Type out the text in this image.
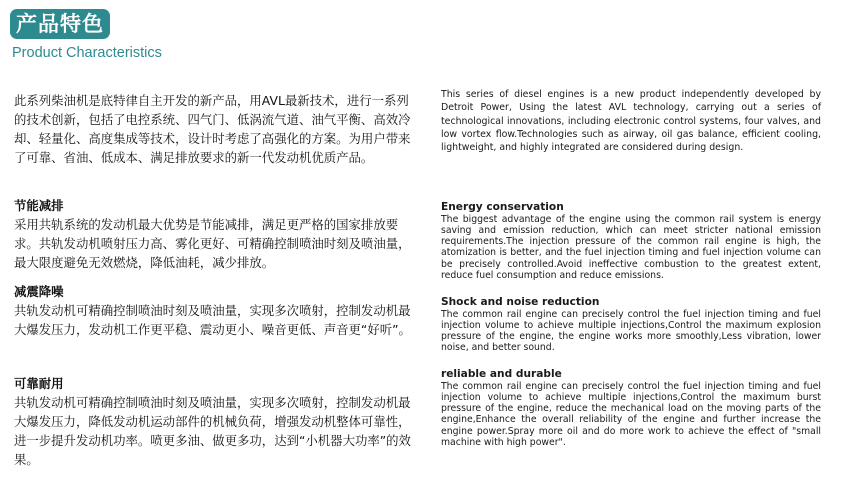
产品特色
Product Characteristics

此系列柴油机是底特律自主开发的新产品，用AVL最新技术，进行一系列的技术创新，包括了电控系统、四气门、低涡流气道、油气平衡、高效冷却、轻量化、高度集成等技术，设计时考虑了高强化的方案。为用户带来了可靠、省油、低成本、满足排放要求的新一代发动机优质产品。

节能减排

采用共轨系统的发动机最大优势是节能减排，满足更严格的国家排放要求。共轨发动机喷射压力高、雾化更好、可精确控制喷油时刻及喷油量，最大限度避免无效燃烧，降低油耗，减少排放。

减震降噪

共轨发动机可精确控制喷油时刻及喷油量，实现多次喷射，控制发动机最大爆发压力，发动机工作更平稳、震动更小、噪音更低、声音更“好听”。

可靠耐用

共轨发动机可精确控制喷油时刻及喷油量，实现多次喷射，控制发动机最大爆发压力，降低发动机运动部件的机械负荷，增强发动机整体可靠性，进一步提升发动机功率。喷更多油、做更多功，达到“小机器大功率”的效果。

This series of diesel engines is a new product independently developed by Detroit Power, Using the latest AVL technology, carrying out a series of technological innovations, including electronic control systems, four valves, and low vortex flow.Technologies such as airway, oil gas balance, efficient cooling, lightweight, and highly integrated are considered during design.

Energy conservation

The biggest advantage of the engine using the common rail system is energy saving and emission reduction, which can meet stricter national emission requirements.The injection pressure of the common rail engine is high, the atomization is better, and the fuel injection timing and fuel injection volume can be precisely controlled.Avoid ineffective combustion to the greatest extent, reduce fuel consumption and reduce emissions.

Shock and noise reduction

The common rail engine can precisely control the fuel injection timing and fuel injection volume to achieve multiple injections,Control the maximum explosion pressure of the engine, the engine works more smoothly,Less vibration, lower noise, and better sound.

reliable and durable

The common rail engine can precisely control the fuel injection timing and fuel injection volume to achieve multiple injections,Control the maximum burst pressure of the engine, reduce the mechanical load on the moving parts of the engine,Enhance the overall reliability of the engine and further increase the engine power.Spray more oil and do more work to achieve the effect of "small machine with high power".
